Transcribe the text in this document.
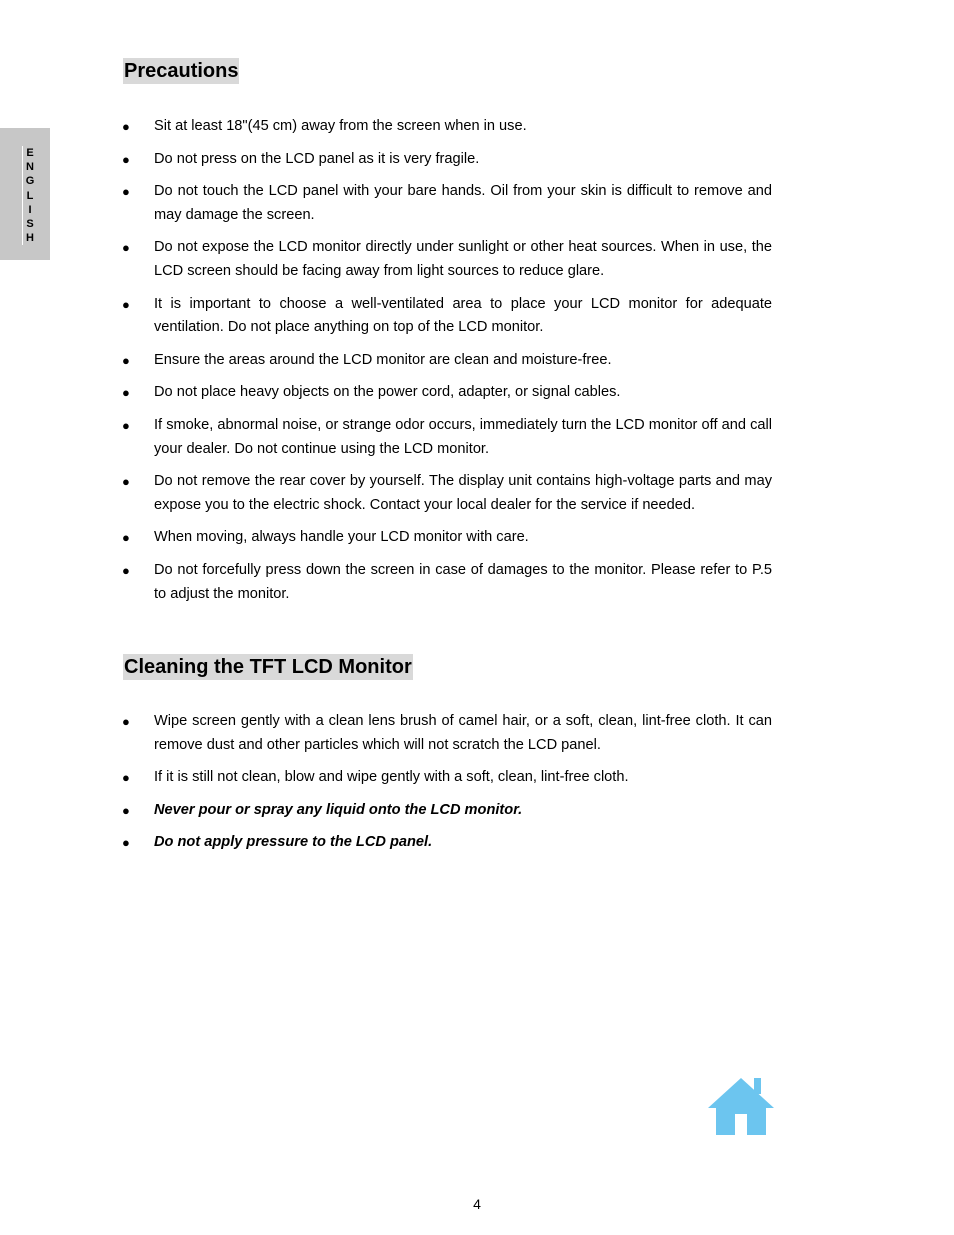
E
N
G
L
I
S
H
Precautions
● Sit at least 18"(45 cm) away from the screen when in use.
● Do not press on the LCD panel as it is very fragile.
● Do not touch the LCD panel with your bare hands. Oil from your skin is difficult to remove and may damage the screen.
● Do not expose the LCD monitor directly under sunlight or other heat sources. When in use, the LCD screen should be facing away from light sources to reduce glare.
● It is important to choose a well-ventilated area to place your LCD monitor for adequate ventilation. Do not place anything on top of the LCD monitor.
● Ensure the areas around the LCD monitor are clean and moisture-free.
● Do not place heavy objects on the power cord, adapter, or signal cables.
● If smoke, abnormal noise, or strange odor occurs, immediately turn the LCD monitor off and call your dealer. Do not continue using the LCD monitor.
● Do not remove the rear cover by yourself. The display unit contains high-voltage parts and may expose you to the electric shock. Contact your local dealer for the service if needed.
● When moving, always handle your LCD monitor with care.
● Do not forcefully press down the screen in case of damages to the monitor. Please refer to P.5 to adjust the monitor.
Cleaning the TFT LCD Monitor
● Wipe screen gently with a clean lens brush of camel hair, or a soft, clean, lint-free cloth. It can remove dust and other particles which will not scratch the LCD panel.
● If it is still not clean, blow and wipe gently with a soft, clean, lint-free cloth.
● Never pour or spray any liquid onto the LCD monitor.
● Do not apply pressure to the LCD panel.
4
